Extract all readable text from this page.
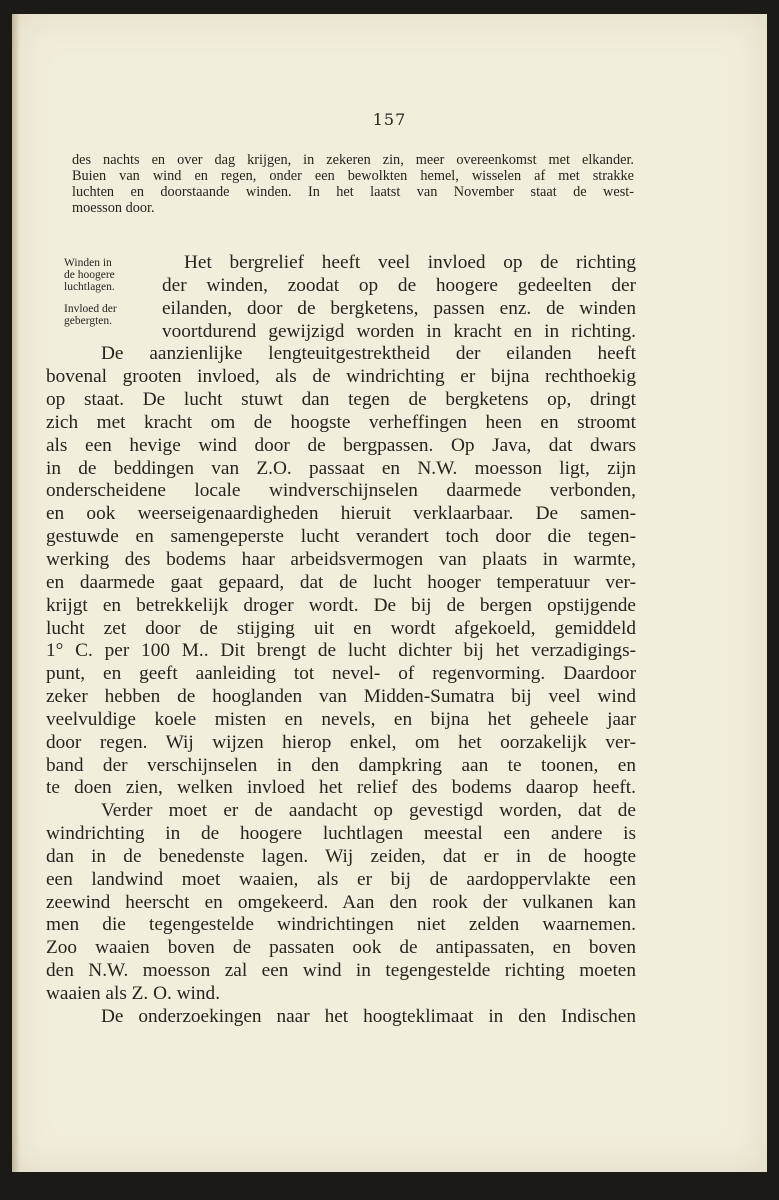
157

des nachts en over dag krijgen, in zekeren zin, meer overeenkomst met elkander.

Buien van wind en regen, onder een bewolkten hemel, wisselen af met strakke

luchten en doorstaande winden. In het laatst van November staat de west-

moesson door.

Winden in

de hoogere

luchtlagen.

Invloed der

gebergten.

Het bergrelief heeft veel invloed op de richting

der winden, zoodat op de hoogere gedeelten der

eilanden, door de bergketens, passen enz. de winden

voortdurend gewijzigd worden in kracht en in richting.

De aanzienlijke lengteuitgestrektheid der eilanden heeft

bovenal grooten invloed, als de windrichting er bijna rechthoekig

op staat. De lucht stuwt dan tegen de bergketens op, dringt

zich met kracht om de hoogste verheffingen heen en stroomt

als een hevige wind door de bergpassen. Op Java, dat dwars

in de beddingen van Z.O. passaat en N.W. moesson ligt, zijn

onderscheidene locale windverschijnselen daarmede verbonden,

en ook weerseigenaardigheden hieruit verklaarbaar. De samen-

gestuwde en samengeperste lucht verandert toch door die tegen-

werking des bodems haar arbeidsvermogen van plaats in warmte,

en daarmede gaat gepaard, dat de lucht hooger temperatuur ver-

krijgt en betrekkelijk droger wordt. De bij de bergen opstijgende

lucht zet door de stijging uit en wordt afgekoeld, gemiddeld

1° C. per 100 M.. Dit brengt de lucht dichter bij het verzadigings-

punt, en geeft aanleiding tot nevel- of regenvorming. Daardoor

zeker hebben de hooglanden van Midden-Sumatra bij veel wind

veelvuldige koele misten en nevels, en bijna het geheele jaar

door regen. Wij wijzen hierop enkel, om het oorzakelijk ver-

band der verschijnselen in den dampkring aan te toonen, en

te doen zien, welken invloed het relief des bodems daarop heeft.

Verder moet er de aandacht op gevestigd worden, dat de

windrichting in de hoogere luchtlagen meestal een andere is

dan in de benedenste lagen. Wij zeiden, dat er in de hoogte

een landwind moet waaien, als er bij de aardoppervlakte een

zeewind heerscht en omgekeerd. Aan den rook der vulkanen kan

men die tegengestelde windrichtingen niet zelden waarnemen.

Zoo waaien boven de passaten ook de antipassaten, en boven

den N.W. moesson zal een wind in tegengestelde richting moeten

waaien als Z. O. wind.

De onderzoekingen naar het hoogteklimaat in den Indischen
